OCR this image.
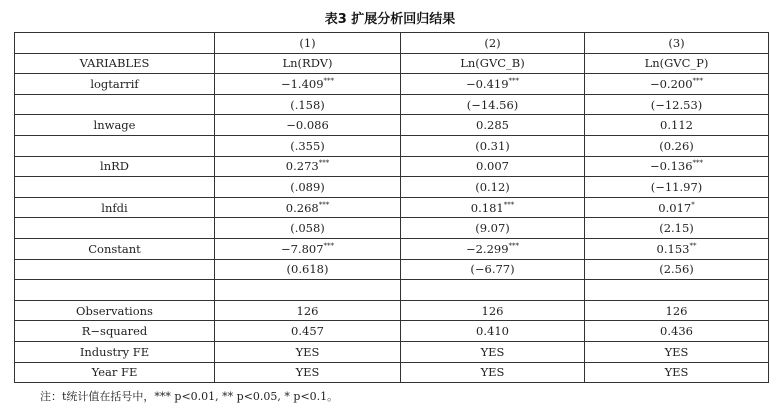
表3 扩展分析回归结果
	(1)	(2)	(3)
VARIABLES	Ln(RDV)	Ln(GVC_B)	Ln(GVC_P)
logtarrif	−1.409***	−0.419***	−0.200***
	(.158)	(−14.56)	(−12.53)
lnwage	−0.086	0.285	0.112
	(.355)	(0.31)	(0.26)
lnRD	0.273***	0.007	−0.136***
	(.089)	(0.12)	(−11.97)
lnfdi	0.268***	0.181***	0.017*
	(.058)	(9.07)	(2.15)
Constant	−7.807***	−2.299***	0.153**
	(0.618)	(−6.77)	(2.56)

Observations	126	126	126
R−squared	0.457	0.410	0.436
Industry FE	YES	YES	YES
Year FE	YES	YES	YES
注：t统计值在括号中，*** p<0.01, ** p<0.05, * p<0.1。
